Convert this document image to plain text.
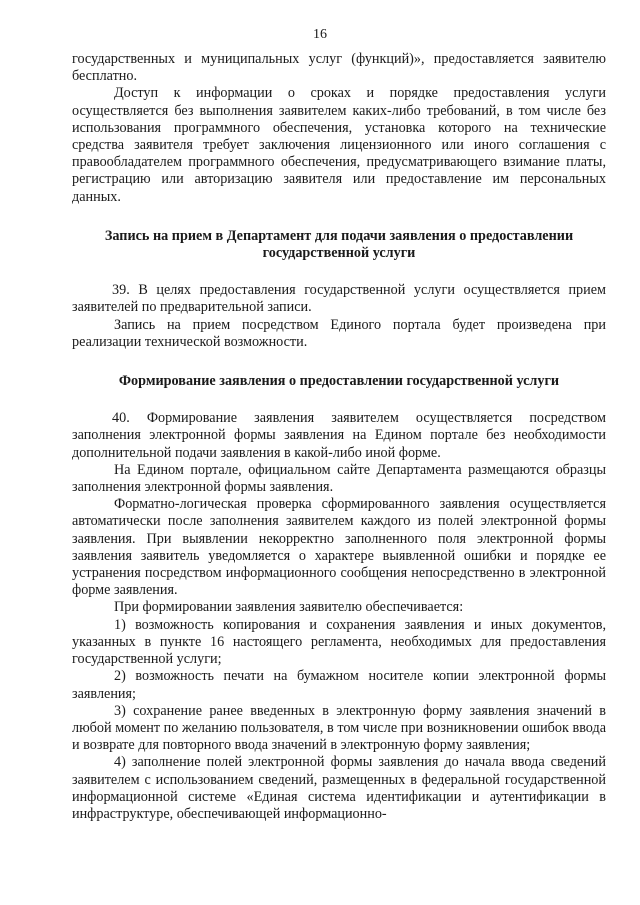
16

государственных и муниципальных услуг (функций)», предоставляется заявителю бесплатно.

Доступ к информации о сроках и порядке предоставления услуги осуществляется без выполнения заявителем каких-либо требований, в том числе без использования программного обеспечения, установка которого на технические средства заявителя требует заключения лицензионного или иного соглашения с правообладателем программного обеспечения, предусматривающего взимание платы, регистрацию или авторизацию заявителя или предоставление им персональных данных.

Запись на прием в Департамент для подачи заявления о предоставлении государственной услуги

39. В целях предоставления государственной услуги осуществляется прием заявителей по предварительной записи.

Запись на прием посредством Единого портала будет произведена при реализации технической возможности.

Формирование заявления о предоставлении государственной услуги

40. Формирование заявления заявителем осуществляется посредством заполнения электронной формы заявления на Едином портале без необходимости дополнительной подачи заявления в какой-либо иной форме.

На Едином портале, официальном сайте Департамента размещаются образцы заполнения электронной формы заявления.

Форматно-логическая проверка сформированного заявления осуществляется автоматически после заполнения заявителем каждого из полей электронной формы заявления. При выявлении некорректно заполненного поля электронной формы заявления заявитель уведомляется о характере выявленной ошибки и порядке ее устранения посредством информационного сообщения непосредственно в электронной форме заявления.

При формировании заявления заявителю обеспечивается:

1) возможность копирования и сохранения заявления и иных документов, указанных в пункте 16 настоящего регламента, необходимых для предоставления государственной услуги;

2) возможность печати на бумажном носителе копии электронной формы заявления;

3) сохранение ранее введенных в электронную форму заявления значений в любой момент по желанию пользователя, в том числе при возникновении ошибок ввода и возврате для повторного ввода значений в электронную форму заявления;

4) заполнение полей электронной формы заявления до начала ввода сведений заявителем с использованием сведений, размещенных в федеральной государственной информационной системе «Единая система идентификации и аутентификации в инфраструктуре, обеспечивающей информационно-
